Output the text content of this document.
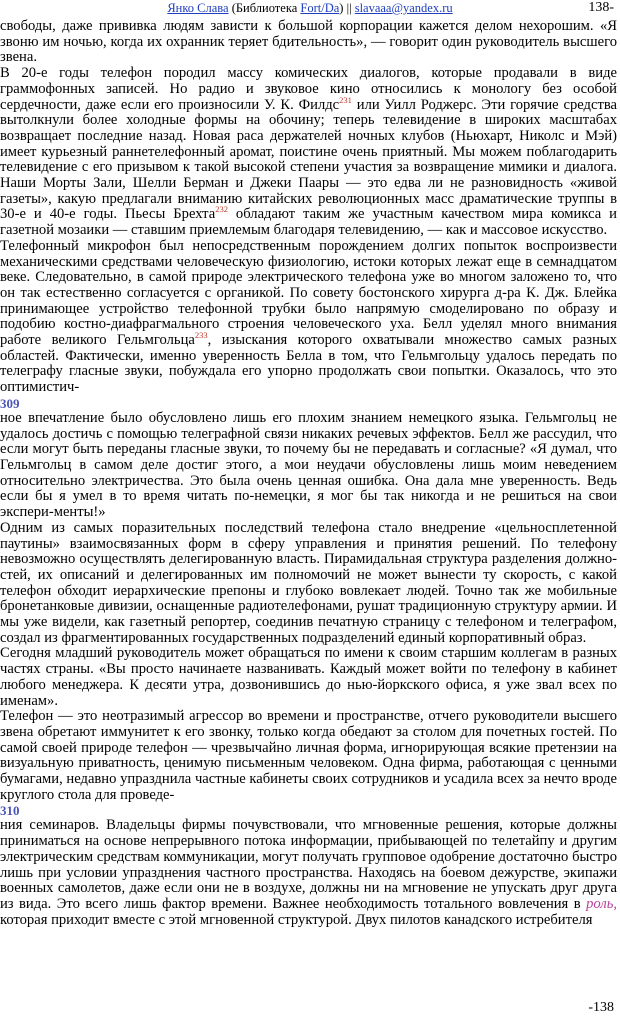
Янко Слава (Библиотека Fort/Da) || slavaaa@yandex.ru	138-

свободы, даже прививка людям зависти к большой корпорации кажется делом нехорошим. «Я звоню им ночью, когда их охранник теряет бдительность», — говорит один руководитель высшего звена.

В 20-е годы телефон породил массу комических диалогов, которые продавали в виде граммофонных записей. Но радио и звуковое кино относились к монологу без особой сердечности, даже если его произносили У. К. Филдс$^{231}$ или Уилл Роджерс. Эти горячие средства вытолкнули более холодные формы на обочину; теперь телевидение в широких масштабах возвращает последние назад. Новая раса держателей ночных клубов (Ньюхарт, Николс и Мэй) имеет курьезный раннетелефонный аромат, поистине очень приятный. Мы можем поблагодарить телевидение с его призывом к такой высокой степени участия за возвращение мимики и диалога. Наши Морты Зали, Шелли Берман и Джеки Паары — это едва ли не разновидность «живой газеты», какую предлагали вниманию китайских революционных масс драматические труппы в 30-е и 40-е годы. Пьесы Брехта$^{232}$ обладают таким же участным качеством мира комикса и газетной мозаики — ставшим приемлемым благодаря телевидению, — как и массовое искусство.

Телефонный микрофон был непосредственным порождением долгих попыток воспроизвести механическими средствами человеческую физиологию, истоки которых лежат еще в семнадцатом веке. Следовательно, в самой природе электрического телефона уже во многом заложено то, что он так естественно согласуется с органикой. По совету бостонского хирурга д-ра К. Дж. Блейка принимающее устройство телефонной трубки было напрямую смоделировано по образу и подобию костно-диафрагмального строения человеческого уха. Белл уделял много внимания работе великого Гельмгольца$^{233}$, изыскания которого охватывали множество самых разных областей. Фактически, именно уверенность Белла в том, что Гельмгольцу удалось передать по телеграфу гласные звуки, побуждала его упорно продолжать свои попытки. Оказалось, что это оптимистич-

309

ное впечатление было обусловлено лишь его плохим знанием немецкого языка. Гельмгольц не удалось достичь с помощью телеграфной связи никаких речевых эффектов. Белл же рассудил, что если могут быть переданы гласные звуки, то почему бы не передавать и согласные? «Я думал, что Гельмгольц в самом деле достиг этого, а мои неудачи обусловлены лишь моим неведением относительно электричества. Это была очень ценная ошибка. Она дала мне уверенность. Ведь если бы я умел в то время читать по-немецки, я мог бы так никогда и не решиться на свои экспери-менты!»

Одним из самых поразительных последствий телефона стало внедрение «цельносплетенной паутины» взаимосвязанных форм в сферу управления и принятия решений. По телефону невозможно осуществлять делегированную власть. Пирамидальная структура разделения должно-стей, их описаний и делегированных им полномочий не может вынести ту скорость, с какой телефон обходит иерархические препоны и глубоко вовлекает людей. Точно так же мобильные бронетанковые дивизии, оснащенные радиотелефонами, рушат традиционную структуру армии. И мы уже видели, как газетный репортер, соединив печатную страницу с телефоном и телеграфом, создал из фрагментированных государственных подразделений единый корпоративный образ.

Сегодня младший руководитель может обращаться по имени к своим старшим коллегам в разных частях страны. «Вы просто начинаете названивать. Каждый может войти по телефону в кабинет любого менеджера. К десяти утра, дозвонившись до нью-йоркского офиса, я уже звал всех по именам».

Телефон — это неотразимый агрессор во времени и пространстве, отчего руководители высшего звена обретают иммунитет к его звонку, только когда обедают за столом для почетных гостей. По самой своей природе телефон — чрезвычайно личная форма, игнорирующая всякие претензии на визуальную приватность, ценимую письменным человеком. Одна фирма, работающая с ценными бумагами, недавно упразднила частные кабинеты своих сотрудников и усадила всех за нечто вроде круглого стола для проведе-

310

ния семинаров. Владельцы фирмы почувствовали, что мгновенные решения, которые должны приниматься на основе непрерывного потока информации, прибывающей по телетайпу и другим электрическим средствам коммуникации, могут получать групповое одобрение достаточно быстро лишь при условии упразднения частного пространства. Находясь на боевом дежурстве, экипажи военных самолетов, даже если они не в воздухе, должны ни на мгновение не упускать друг друга из вида. Это всего лишь фактор времени. Важнее необходимость тотального вовлечения в роль, которая приходит вместе с этой мгновенной структурой. Двух пилотов канадского истребителя

-138
